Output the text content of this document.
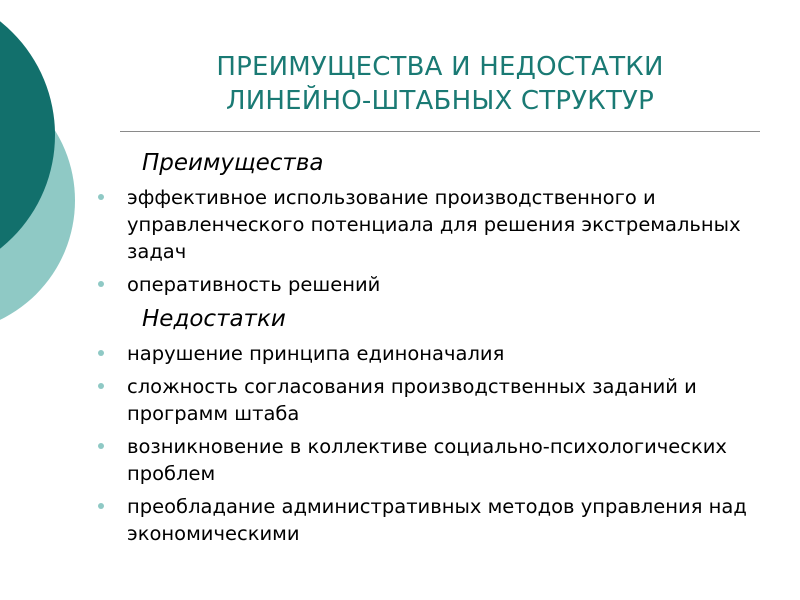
ПРЕИМУЩЕСТВА И НЕДОСТАТКИ
ЛИНЕЙНО-ШТАБНЫХ СТРУКТУР
Преимущества
эффективное использование производственного и управленческого потенциала для решения экстремальных задач
оперативность решений
Недостатки
нарушение принципа единоначалия
сложность согласования производственных заданий и программ штаба
возникновение в коллективе социально-психологических проблем
преобладание административных методов управления над экономическими
